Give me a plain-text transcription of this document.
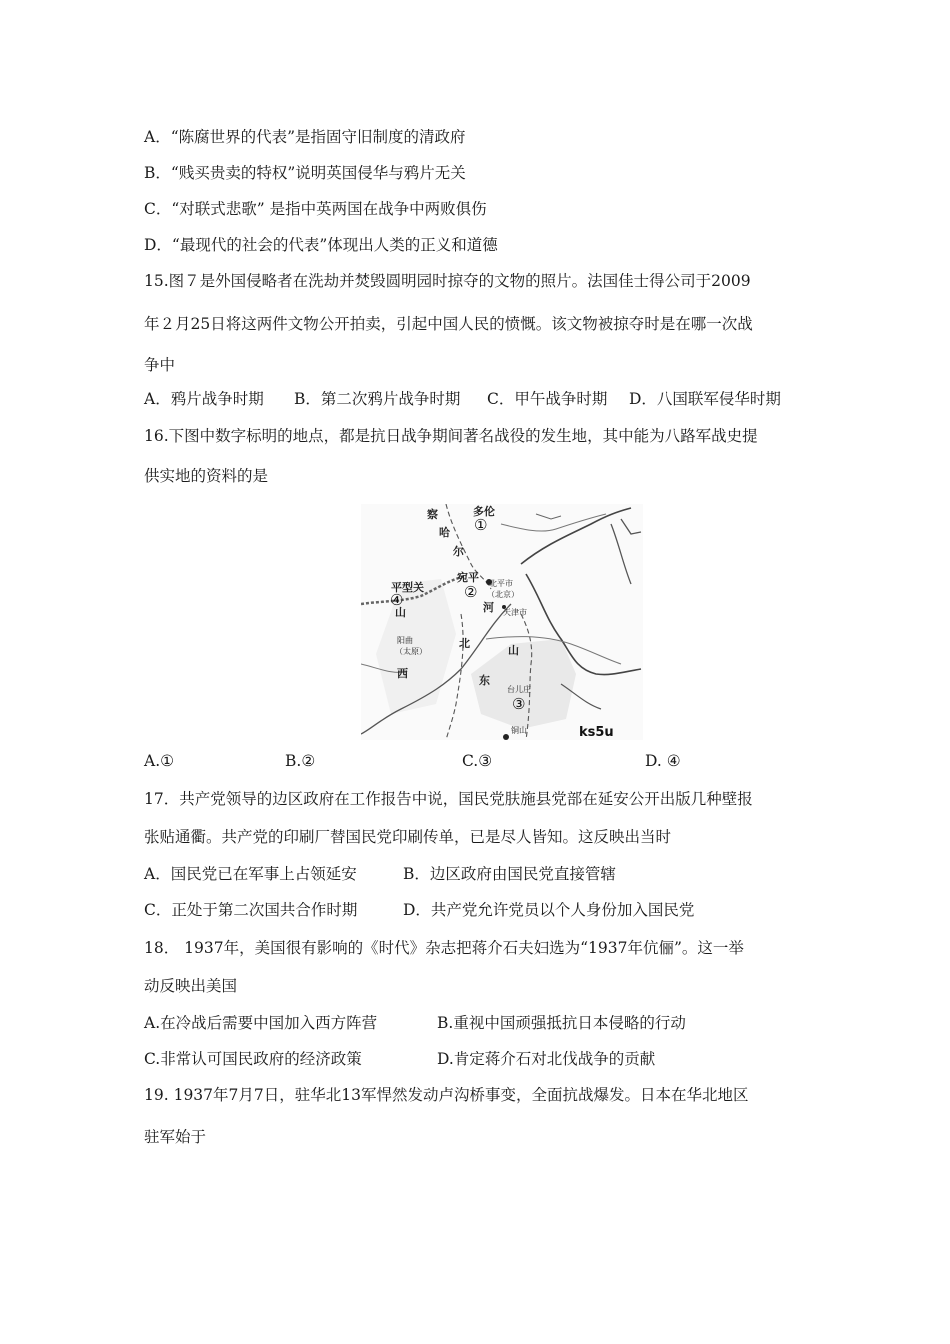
A．“陈腐世界的代表”是指固守旧制度的清政府
B．“贱买贵卖的特权”说明英国侵华与鸦片无关
C．“对联式悲歌” 是指中英两国在战争中两败俱伤
D．“最现代的社会的代表”体现出人类的正义和道德
15.图７是外国侵略者在洗劫并焚毁圆明园时掠夺的文物的照片。法国佳士得公司于2009
年２月25日将这两件文物公开拍卖，引起中国人民的愤慨。该文物被掠夺时是在哪一次战
争中
A．鸦片战争时期 B．第二次鸦片战争时期 C．甲午战争时期 D．八国联军侵华时期
16.下图中数字标明的地点，都是抗日战争期间著名战役的发生地，其中能为八路军战史提
供实地的资料的是
察	多伦
哈
尔
平型关
宛平
山	河
北
山
西
东
北平市
（北京）
天津市
阳曲
（太原）
台儿庄
铜山
①
②
③
④
ks5u
A.①	B.②	C.③	D. ④
17．共产党领导的边区政府在工作报告中说，国民党肤施县党部在延安公开出版几种壁报
张贴通衢。共产党的印刷厂替国民党印刷传单，已是尽人皆知。这反映出当时
A．国民党已在军事上占领延安	B．边区政府由国民党直接管辖
C．正处于第二次国共合作时期	D．共产党允许党员以个人身份加入国民党
18． 1937年，美国很有影响的《时代》杂志把蒋介石夫妇选为“1937年伉俪”。这一举
动反映出美国
A.在冷战后需要中国加入西方阵营	B.重视中国顽强抵抗日本侵略的行动
C.非常认可国民政府的经济政策	D.肯定蒋介石对北伐战争的贡献
19. 1937年7月7日，驻华北13军悍然发动卢沟桥事变，全面抗战爆发。日本在华北地区
驻军始于
